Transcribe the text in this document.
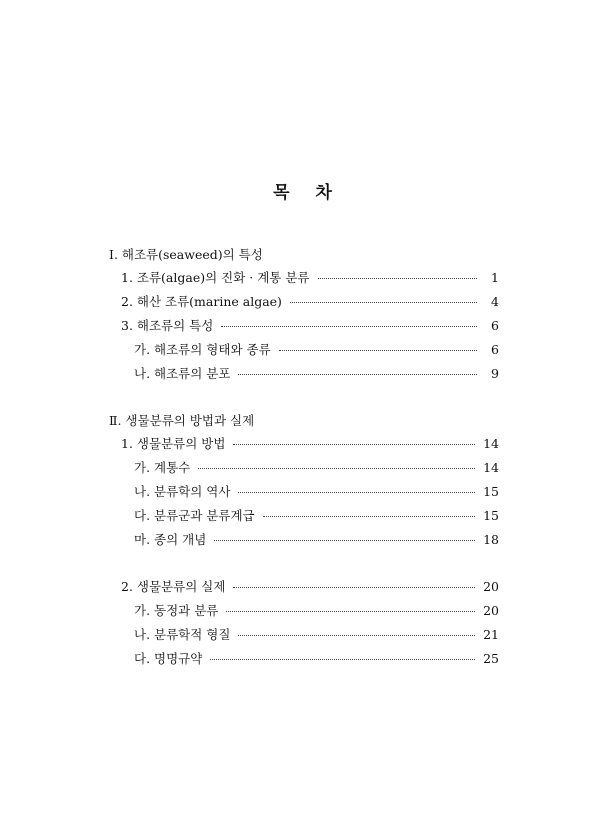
목 차
Ⅰ. 해조류(seaweed)의 특성
1. 조류(algae)의 진화 · 계통 분류	1
2. 해산 조류(marine algae)	4
3. 해조류의 특성	6
가. 해조류의 형태와 종류	6
나. 해조류의 분포	9
Ⅱ. 생물분류의 방법과 실제
1. 생물분류의 방법	14
가. 계통수	14
나. 분류학의 역사	15
다. 분류군과 분류계급	15
마. 종의 개념	18
2. 생물분류의 실제	20
가. 동정과 분류	20
나. 분류학적 형질	21
다. 명명규약	25
